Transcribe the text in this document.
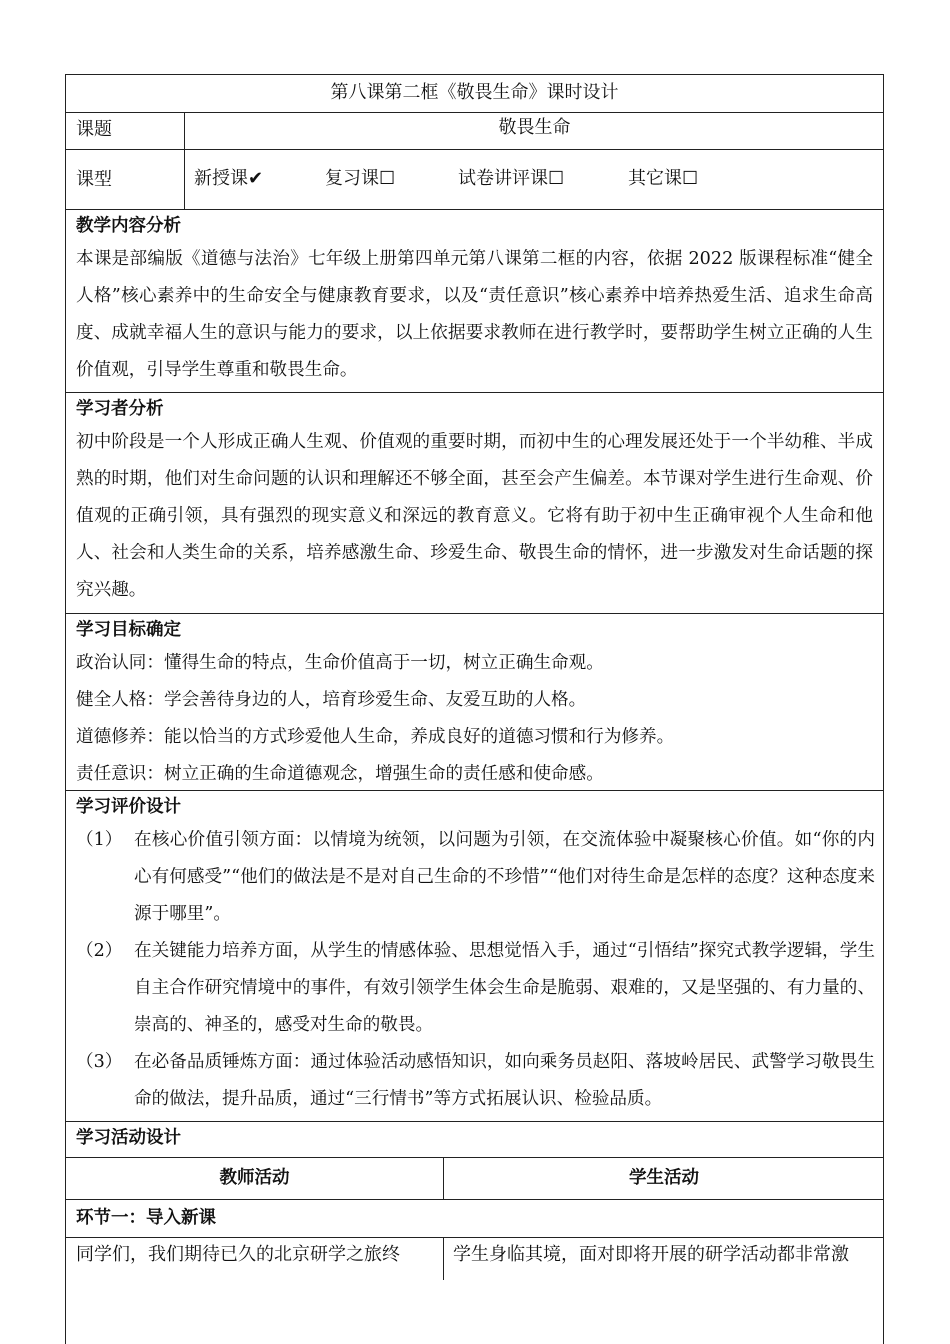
第八课第二框《敬畏生命》课时设计
课题	敬畏生命
课型	新授课✔	复习课☐	试卷讲评课☐	其它课☐
教学内容分析
本课是部编版《道德与法治》七年级上册第四单元第八课第二框的内容，依据 2022 版课程标准“健全人格”核心素养中的生命安全与健康教育要求，以及“责任意识”核心素养中培养热爱生活、追求生命高度、成就幸福人生的意识与能力的要求，以上依据要求教师在进行教学时，要帮助学生树立正确的人生价值观，引导学生尊重和敬畏生命。
学习者分析
初中阶段是一个人形成正确人生观、价值观的重要时期，而初中生的心理发展还处于一个半幼稚、半成熟的时期，他们对生命问题的认识和理解还不够全面，甚至会产生偏差。本节课对学生进行生命观、价值观的正确引领，具有强烈的现实意义和深远的教育意义。它将有助于初中生正确审视个人生命和他人、社会和人类生命的关系，培养感激生命、珍爱生命、敬畏生命的情怀，进一步激发对生命话题的探究兴趣。
学习目标确定
政治认同：懂得生命的特点，生命价值高于一切，树立正确生命观。
健全人格：学会善待身边的人，培育珍爱生命、友爱互助的人格。
道德修养：能以恰当的方式珍爱他人生命，养成良好的道德习惯和行为修养。
责任意识：树立正确的生命道德观念，增强生命的责任感和使命感。
学习评价设计
（1） 在核心价值引领方面：以情境为统领，以问题为引领，在交流体验中凝聚核心价值。如“你的内心有何感受”“他们的做法是不是对自己生命的不珍惜”“他们对待生命是怎样的态度？这种态度来源于哪里”。
（2） 在关键能力培养方面，从学生的情感体验、思想觉悟入手，通过“引悟结”探究式教学逻辑，学生自主合作研究情境中的事件，有效引领学生体会生命是脆弱、艰难的，又是坚强的、有力量的、崇高的、神圣的，感受对生命的敬畏。
（3） 在必备品质锤炼方面：通过体验活动感悟知识，如向乘务员赵阳、落坡岭居民、武警学习敬畏生命的做法，提升品质，通过“三行情书”等方式拓展认识、检验品质。
学习活动设计
教师活动	学生活动
环节一：导入新课
同学们，我们期待已久的北京研学之旅终	学生身临其境，面对即将开展的研学活动都非常激
